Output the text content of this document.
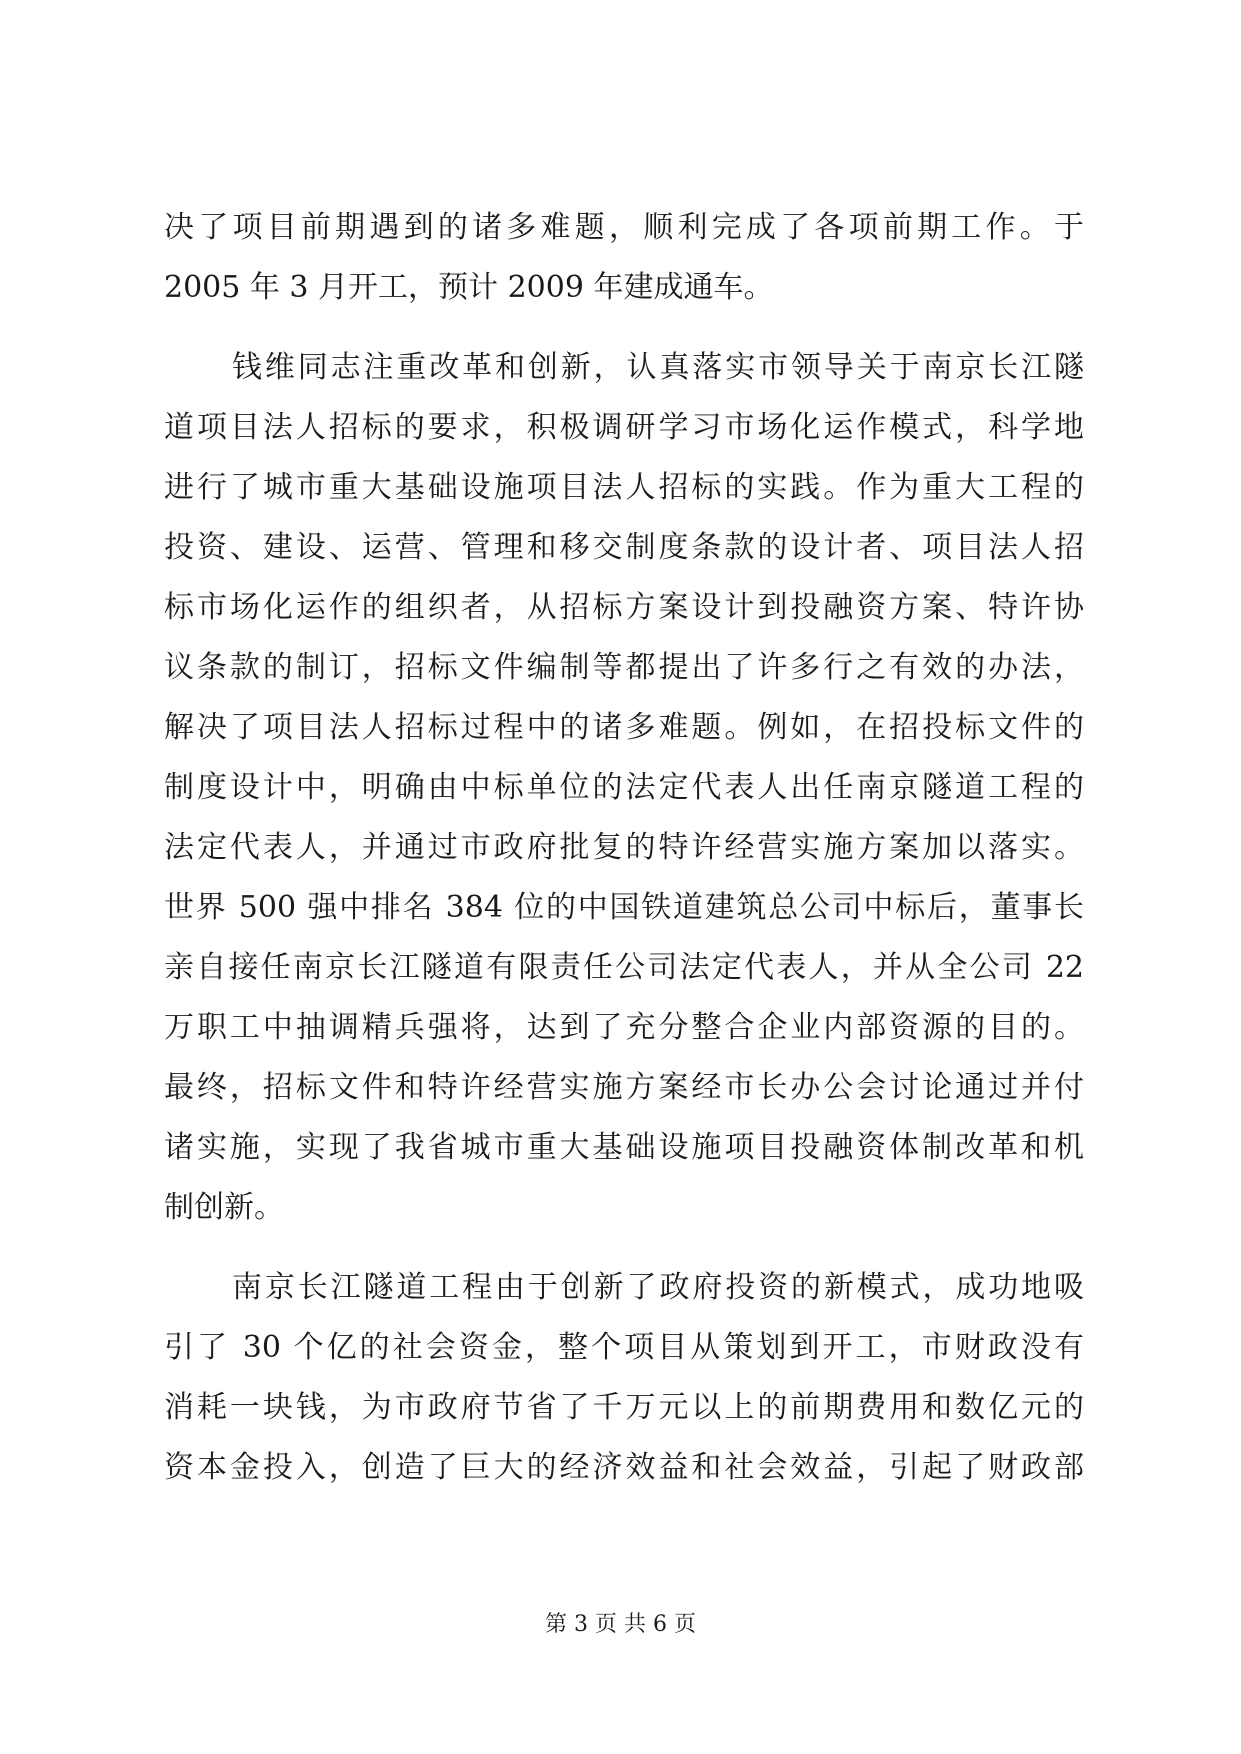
决了项目前期遇到的诸多难题，顺利完成了各项前期工作。于
2005 年 3 月开工，预计 2009 年建成通车。
钱维同志注重改革和创新，认真落实市领导关于南京长江隧
道项目法人招标的要求，积极调研学习市场化运作模式，科学地
进行了城市重大基础设施项目法人招标的实践。作为重大工程的
投资、建设、运营、管理和移交制度条款的设计者、项目法人招
标市场化运作的组织者，从招标方案设计到投融资方案、特许协
议条款的制订，招标文件编制等都提出了许多行之有效的办法，
解决了项目法人招标过程中的诸多难题。例如，在招投标文件的
制度设计中，明确由中标单位的法定代表人出任南京隧道工程的
法定代表人，并通过市政府批复的特许经营实施方案加以落实。
世界 500 强中排名 384 位的中国铁道建筑总公司中标后，董事长
亲自接任南京长江隧道有限责任公司法定代表人，并从全公司 22
万职工中抽调精兵强将，达到了充分整合企业内部资源的目的。
最终，招标文件和特许经营实施方案经市长办公会讨论通过并付
诸实施，实现了我省城市重大基础设施项目投融资体制改革和机
制创新。
南京长江隧道工程由于创新了政府投资的新模式，成功地吸
引了 30 个亿的社会资金，整个项目从策划到开工，市财政没有
消耗一块钱，为市政府节省了千万元以上的前期费用和数亿元的
资本金投入，创造了巨大的经济效益和社会效益，引起了财政部
第 3 页 共 6 页
